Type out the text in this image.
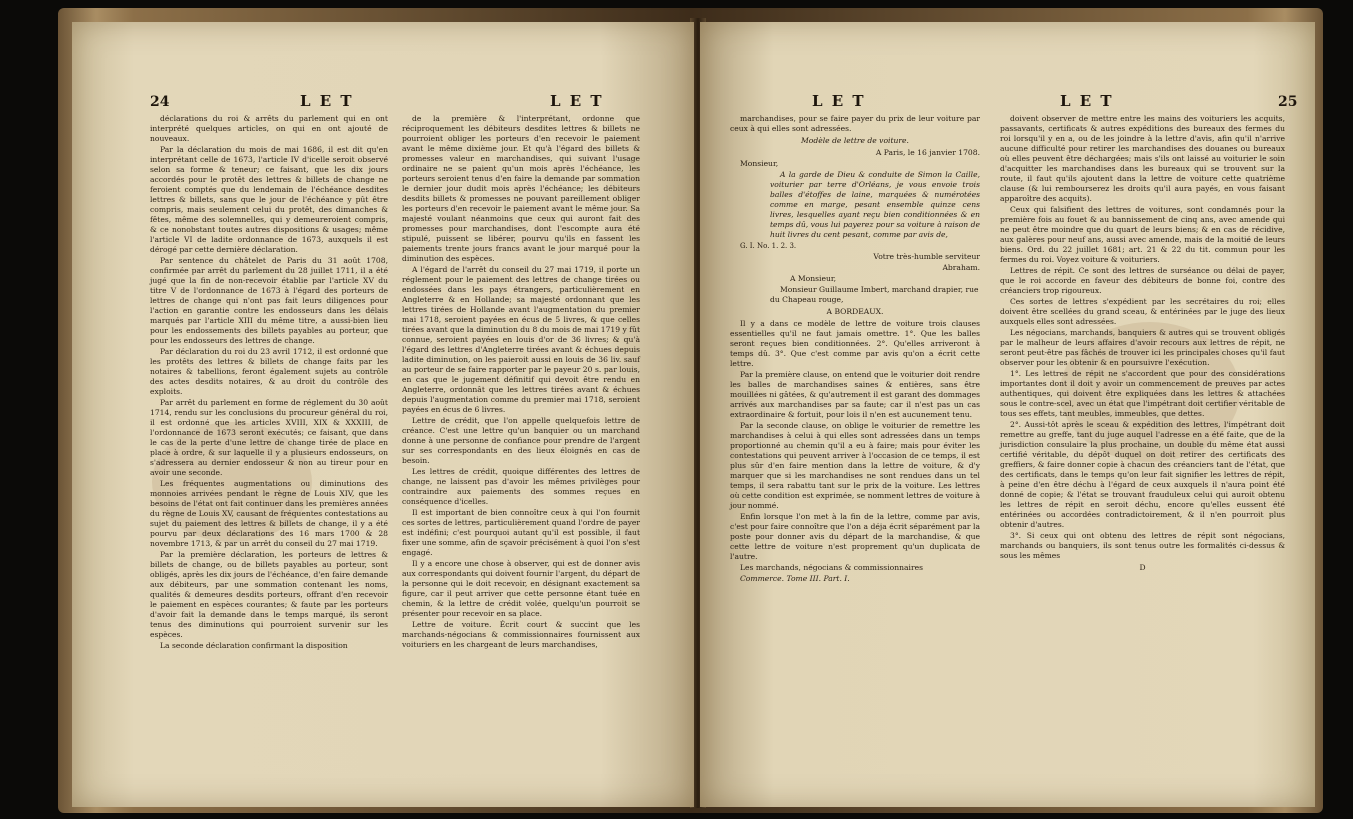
24	L E T	L E T

déclarations du roi & arrêts du parlement qui en ont interprété quelques articles, on qui en ont ajouté de nouveaux.

Par la déclaration du mois de mai 1686, il est dit qu'en interprétant celle de 1673, l'article IV d'icelle seroit observé selon sa forme & teneur; ce faisant, que les dix jours accordés pour le protêt des lettres & billets de change ne feroient comptés que du lendemain de l'échéance desdites lettres & billets, sans que le jour de l'échéance y pût être compris, mais seulement celui du protêt, des dimanches & fêtes, même des solemnelles, qui y demeureroient compris, & ce nonobstant toutes autres dispositions & usages; même l'article VI de ladite ordonnance de 1673, auxquels il est dérogé par cette dernière déclaration.

Par sentence du châtelet de Paris du 31 août 1708, confirmée par arrêt du parlement du 28 juillet 1711, il a été jugé que la fin de non-recevoir établie par l'article XV du titre V de l'ordonnance de 1673 à l'égard des porteurs de lettres de change qui n'ont pas fait leurs diligences pour l'action en garantie contre les endosseurs dans les délais marqués par l'article XIII du même titre, a aussi-bien lieu pour les endossements des billets payables au porteur, que pour les endosseurs des lettres de change.

Par déclaration du roi du 23 avril 1712, il est ordonné que les protêts des lettres & billets de change faits par les notaires & tabellions, feront également sujets au contrôle des actes desdits notaires, & au droit du contrôle des exploits.

Par arrêt du parlement en forme de réglement du 30 août 1714, rendu sur les conclusions du procureur général du roi, il est ordonné que les articles XVIII, XIX & XXXIII, de l'ordonnance de 1673 seront exécutés; ce faisant, que dans le cas de la perte d'une lettre de change tirée de place en place à ordre, & sur laquelle il y a plusieurs endosseurs, on s'adressera au dernier endosseur & non au tireur pour en avoir une seconde.

Les fréquentes augmentations ou diminutions des monnoies arrivées pendant le règne de Louis XIV, que les besoins de l'état ont fait continuer dans les premières années du règne de Louis XV, causant de fréquentes contestations au sujet du paiement des lettres & billets de change, il y a été pourvu par deux déclarations des 16 mars 1700 & 28 novembre 1713, & par un arrêt du conseil du 27 mai 1719.

Par la première déclaration, les porteurs de lettres & billets de change, ou de billets payables au porteur, sont obligés, après les dix jours de l'échéance, d'en faire demande aux débiteurs, par une sommation contenant les noms, qualités & demeures desdits porteurs, offrant d'en recevoir le paiement en espèces courantes; & faute par les porteurs d'avoir fait la demande dans le temps marqué, ils seront tenus des diminutions qui pourroient survenir sur les espèces.

La seconde déclaration confirmant la disposition

de la première & l'interprétant, ordonne que réciproquement les débiteurs desdites lettres & billets ne pourroient obliger les porteurs d'en recevoir le paiement avant le même dixième jour. Et qu'à l'égard des billets & promesses valeur en marchandises, qui suivant l'usage ordinaire ne se paient qu'un mois après l'échéance, les porteurs seroient tenus d'en faire la demande par sommation le dernier jour dudit mois après l'échéance; les débiteurs desdits billets & promesses ne pouvant pareillement obliger les porteurs d'en recevoir le paiement avant le même jour. Sa majesté voulant néanmoins que ceux qui auront fait des promesses pour marchandises, dont l'escompte aura été stipulé, puissent se libérer, pourvu qu'ils en fassent les paiements trente jours francs avant le jour marqué pour la diminution des espèces.

A l'égard de l'arrêt du conseil du 27 mai 1719, il porte un réglement pour le paiement des lettres de change tirées ou endossées dans les pays étrangers, particulièrement en Angleterre & en Hollande; sa majesté ordonnant que les lettres tirées de Hollande avant l'augmentation du premier mai 1718, seroient payées en écus de 5 livres, & que celles tirées avant que la diminution du 8 du mois de mai 1719 y fût connue, seroient payées en louis d'or de 36 livres; & qu'à l'égard des lettres d'Angleterre tirées avant & échues depuis ladite diminution, on les paieroit aussi en louis de 36 liv. sauf au porteur de se faire rapporter par le payeur 20 s. par louis, en cas que le jugement définitif qui devoit être rendu en Angleterre, ordonnât que les lettres tirées avant & échues depuis l'augmentation comme du premier mai 1718, seroient payées en écus de 6 livres.

Lettre de crédit, que l'on appelle quelquefois lettre de créance. C'est une lettre qu'un banquier ou un marchand donne à une personne de confiance pour prendre de l'argent sur ses correspondants en des lieux éloignés en cas de besoin.

Les lettres de crédit, quoique différentes des lettres de change, ne laissent pas d'avoir les mêmes privilèges pour contraindre aux paiements des sommes reçues en conséquence d'icelles.

Il est important de bien connoître ceux à qui l'on fournit ces sortes de lettres, particulièrement quand l'ordre de payer est indéfini; c'est pourquoi autant qu'il est possible, il faut fixer une somme, afin de sçavoir précisément à quoi l'on s'est engagé.

Il y a encore une chose à observer, qui est de donner avis aux correspondants qui doivent fournir l'argent, du départ de la personne qui le doit recevoir, en désignant exactement sa figure, car il peut arriver que cette personne étant tuée en chemin, & la lettre de crédit volée, quelqu'un pourroit se présenter pour recevoir en sa place.

Lettre de voiture. Écrit court & succint que les marchands-négocians & commissionnaires fournissent aux voituriers en les chargeant de leurs marchandises,

L E T	L E T	25

marchandises, pour se faire payer du prix de leur voiture par ceux à qui elles sont adressées.

Modèle de lettre de voiture.

A Paris, le 16 janvier 1708.

Monsieur,

A la garde de Dieu & conduite de Simon la Caille, voiturier par terre d'Orléans, je vous envoie trois balles d'étoffes de laine, marquées & numérotées comme en marge, pesant ensemble quinze cens livres, lesquelles ayant reçu bien conditionnées & en temps dû, vous lui payerez pour sa voiture à raison de huit livres du cent pesant, comme par avis de,

G. I. No. 1. 2. 3.

Votre très-humble serviteur

Abraham.

A Monsieur,

Monsieur Guillaume Imbert, marchand drapier, rue du Chapeau rouge,

A BORDEAUX.

Il y a dans ce modèle de lettre de voiture trois clauses essentielles qu'il ne faut jamais omettre. 1°. Que les balles seront reçues bien conditionnées. 2°. Qu'elles arriveront à temps dû. 3°. Que c'est comme par avis qu'on a écrit cette lettre.

Par la première clause, on entend que le voiturier doit rendre les balles de marchandises saines & entières, sans être mouillées ni gâtées, & qu'autrement il est garant des dommages arrivés aux marchandises par sa faute; car il n'est pas un cas extraordinaire & fortuit, pour lois il n'en est aucunement tenu.

Par la seconde clause, on oblige le voiturier de remettre les marchandises à celui à qui elles sont adressées dans un temps proportionné au chemin qu'il a eu à faire; mais pour éviter les contestations qui peuvent arriver à l'occasion de ce temps, il est plus sûr d'en faire mention dans la lettre de voiture, & d'y marquer que si les marchandises ne sont rendues dans un tel temps, il sera rabattu tant sur le prix de la voiture. Les lettres où cette condition est exprimée, se nomment lettres de voiture à jour nommé.

Enfin lorsque l'on met à la fin de la lettre, comme par avis, c'est pour faire connoître que l'on a déja écrit séparément par la poste pour donner avis du départ de la marchandise, & que cette lettre de voiture n'est proprement qu'un duplicata de l'autre.

Les marchands, négocians & commissionnaires

Commerce. Tome III. Part. I.

doivent observer de mettre entre les mains des voituriers les acquits, passavants, certificats & autres expéditions des bureaux des fermes du roi lorsqu'il y en a, ou de les joindre à la lettre d'avis, afin qu'il n'arrive aucune difficulté pour retirer les marchandises des douanes ou bureaux où elles peuvent être déchargées; mais s'ils ont laissé au voiturier le soin d'acquitter les marchandises dans les bureaux qui se trouvent sur la route, il faut qu'ils ajoutent dans la lettre de voiture cette quatrième clause (& lui rembourserez les droits qu'il aura payés, en vous faisant apparoître des acquits).

Ceux qui falsifient des lettres de voitures, sont condamnés pour la première fois au fouet & au bannissement de cinq ans, avec amende qui ne peut être moindre que du quart de leurs biens; & en cas de récidive, aux galères pour neuf ans, aussi avec amende, mais de la moitié de leurs biens. Ord. du 22 juillet 1681; art. 21 & 22 du tit. commun pour les fermes du roi. Voyez voiture & voituriers.

Lettres de répit. Ce sont des lettres de surséance ou délai de payer, que le roi accorde en faveur des débiteurs de bonne foi, contre des créanciers trop rigoureux.

Ces sortes de lettres s'expédient par les secrétaires du roi; elles doivent être scellées du grand sceau, & entérinées par le juge des lieux auxquels elles sont adressées.

Les négocians, marchands, banquiers & autres qui se trouvent obligés par le malheur de leurs affaires d'avoir recours aux lettres de répit, ne seront peut-être pas fâchés de trouver ici les principales choses qu'il faut observer pour les obtenir & en poursuivre l'exécution.

1°. Les lettres de répit ne s'accordent que pour des considérations importantes dont il doit y avoir un commencement de preuves par actes authentiques, qui doivent être expliquées dans les lettres & attachées sous le contre-scel, avec un état que l'impétrant doit certifier véritable de tous ses effets, tant meubles, immeubles, que dettes.

2°. Aussi-tôt après le sceau & expédition des lettres, l'impétrant doit remettre au greffe, tant du juge auquel l'adresse en a été faite, que de la jurisdiction consulaire la plus prochaine, un double du même état aussi certifié véritable, du dépôt duquel on doit retirer des certificats des greffiers, & faire donner copie à chacun des créanciers tant de l'état, que des certificats, dans le temps qu'on leur fait signifier les lettres de répit, à peine d'en être déchu à l'égard de ceux auxquels il n'aura point été donné de copie; & l'état se trouvant frauduleux celui qui auroit obtenu les lettres de répit en seroit déchu, encore qu'elles eussent été entérinées ou accordées contradictoirement, & il n'en pourroit plus obtenir d'autres.

3°. Si ceux qui ont obtenu des lettres de répit sont négocians, marchands ou banquiers, ils sont tenus outre les formalités ci-dessus & sous les mêmes

D
